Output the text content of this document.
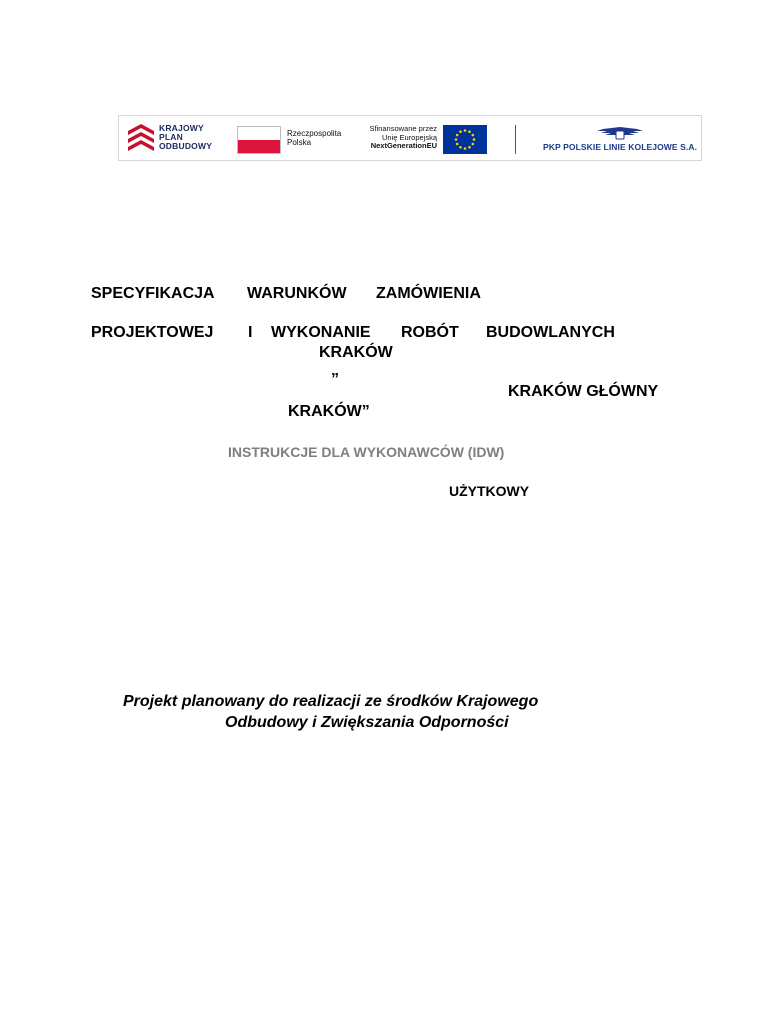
KRAJOWY
PLAN
ODBUDOWY
Rzeczpospolita
Polska
Sfinansowane przez
Unię Europejską
NextGenerationEU	PKP POLSKIE LINIE KOLEJOWE S.A.
SPECYFIKACJA WARUNKÓW ZAMÓWIENIA
PROJEKTOWEJ I WYKONANIE ROBÓT BUDOWLANYCH
KRAKÓW
„
KRAKÓW GŁÓWNY
KRAKÓW”
INSTRUKCJE DLA WYKONAWCÓW (IDW)
UŻYTKOWY
Projekt planowany do realizacji ze środków Krajowego
Odbudowy i Zwiększania Odporności
